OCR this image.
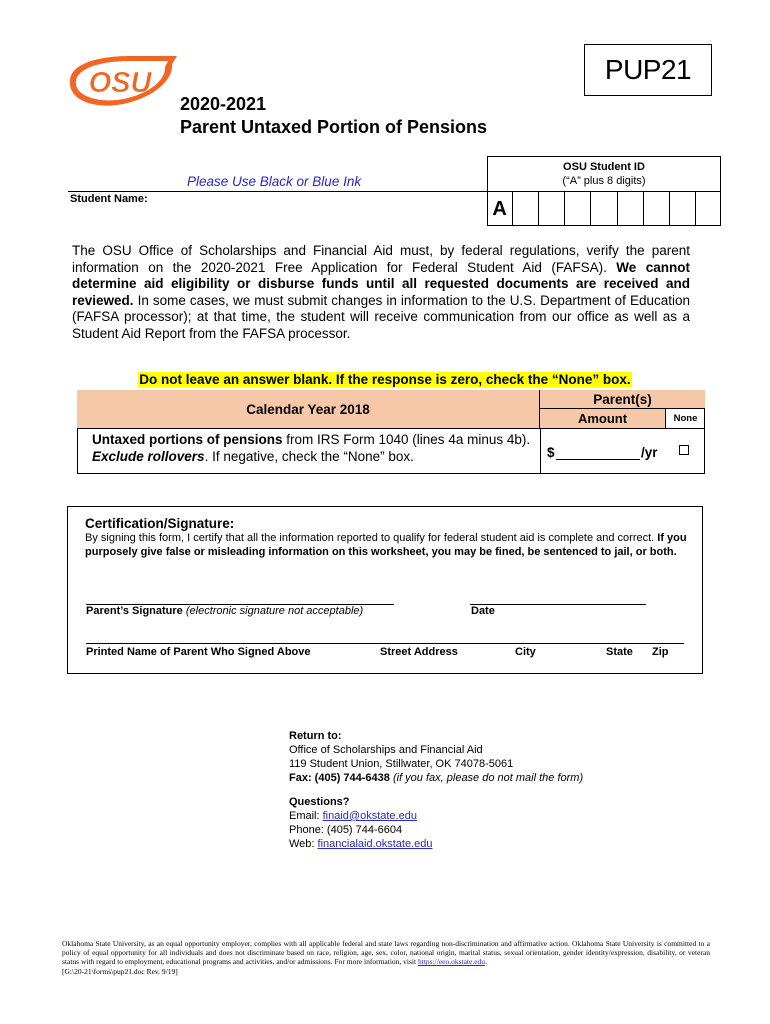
OSU	PUP21
2020-2021
Parent Untaxed Portion of Pensions
Please Use Black or Blue Ink
Student Name:
OSU Student ID
(“A” plus 8 digits)
A
The OSU Office of Scholarships and Financial Aid must, by federal regulations, verify the parent information on the 2020-2021 Free Application for Federal Student Aid (FAFSA). We cannot determine aid eligibility or disburse funds until all requested documents are received and reviewed. In some cases, we must submit changes in information to the U.S. Department of Education (FAFSA processor); at that time, the student will receive communication from our office as well as a Student Aid Report from the FAFSA processor.
Do not leave an answer blank. If the response is zero, check the “None” box.
Calendar Year 2018
Parent(s)
Amount	None
Untaxed portions of pensions from IRS Form 1040 (lines 4a minus 4b). Exclude rollovers. If negative, check the “None” box.	$	/yr
Certification/Signature:
By signing this form, I certify that all the information reported to qualify for federal student aid is complete and correct. If you purposely give false or misleading information on this worksheet, you may be fined, be sentenced to jail, or both.
Parent’s Signature (electronic signature not acceptable)	Date
Printed Name of Parent Who Signed Above	Street Address	City	State Zip
Return to:
Office of Scholarships and Financial Aid
119 Student Union, Stillwater, OK 74078-5061
Fax: (405) 744-6438 (if you fax, please do not mail the form)
Questions?
Email: finaid@okstate.edu
Phone: (405) 744-6604
Web: financialaid.okstate.edu
Oklahoma State University, as an equal opportunity employer, complies with all applicable federal and state laws regarding non-discrimination and affirmative action. Oklahoma State University is committed to a policy of equal opportunity for all individuals and does not discriminate based on race, religion, age, sex, color, national origin, marital status, sexual orientation, gender identity/expression, disability, or veteran status with regard to employment, educational programs and activities, and/or admissions. For more information, visit https://eeo.okstate.edu.
[G:\20-21\forms\pup21.doc Rev. 9/19]
